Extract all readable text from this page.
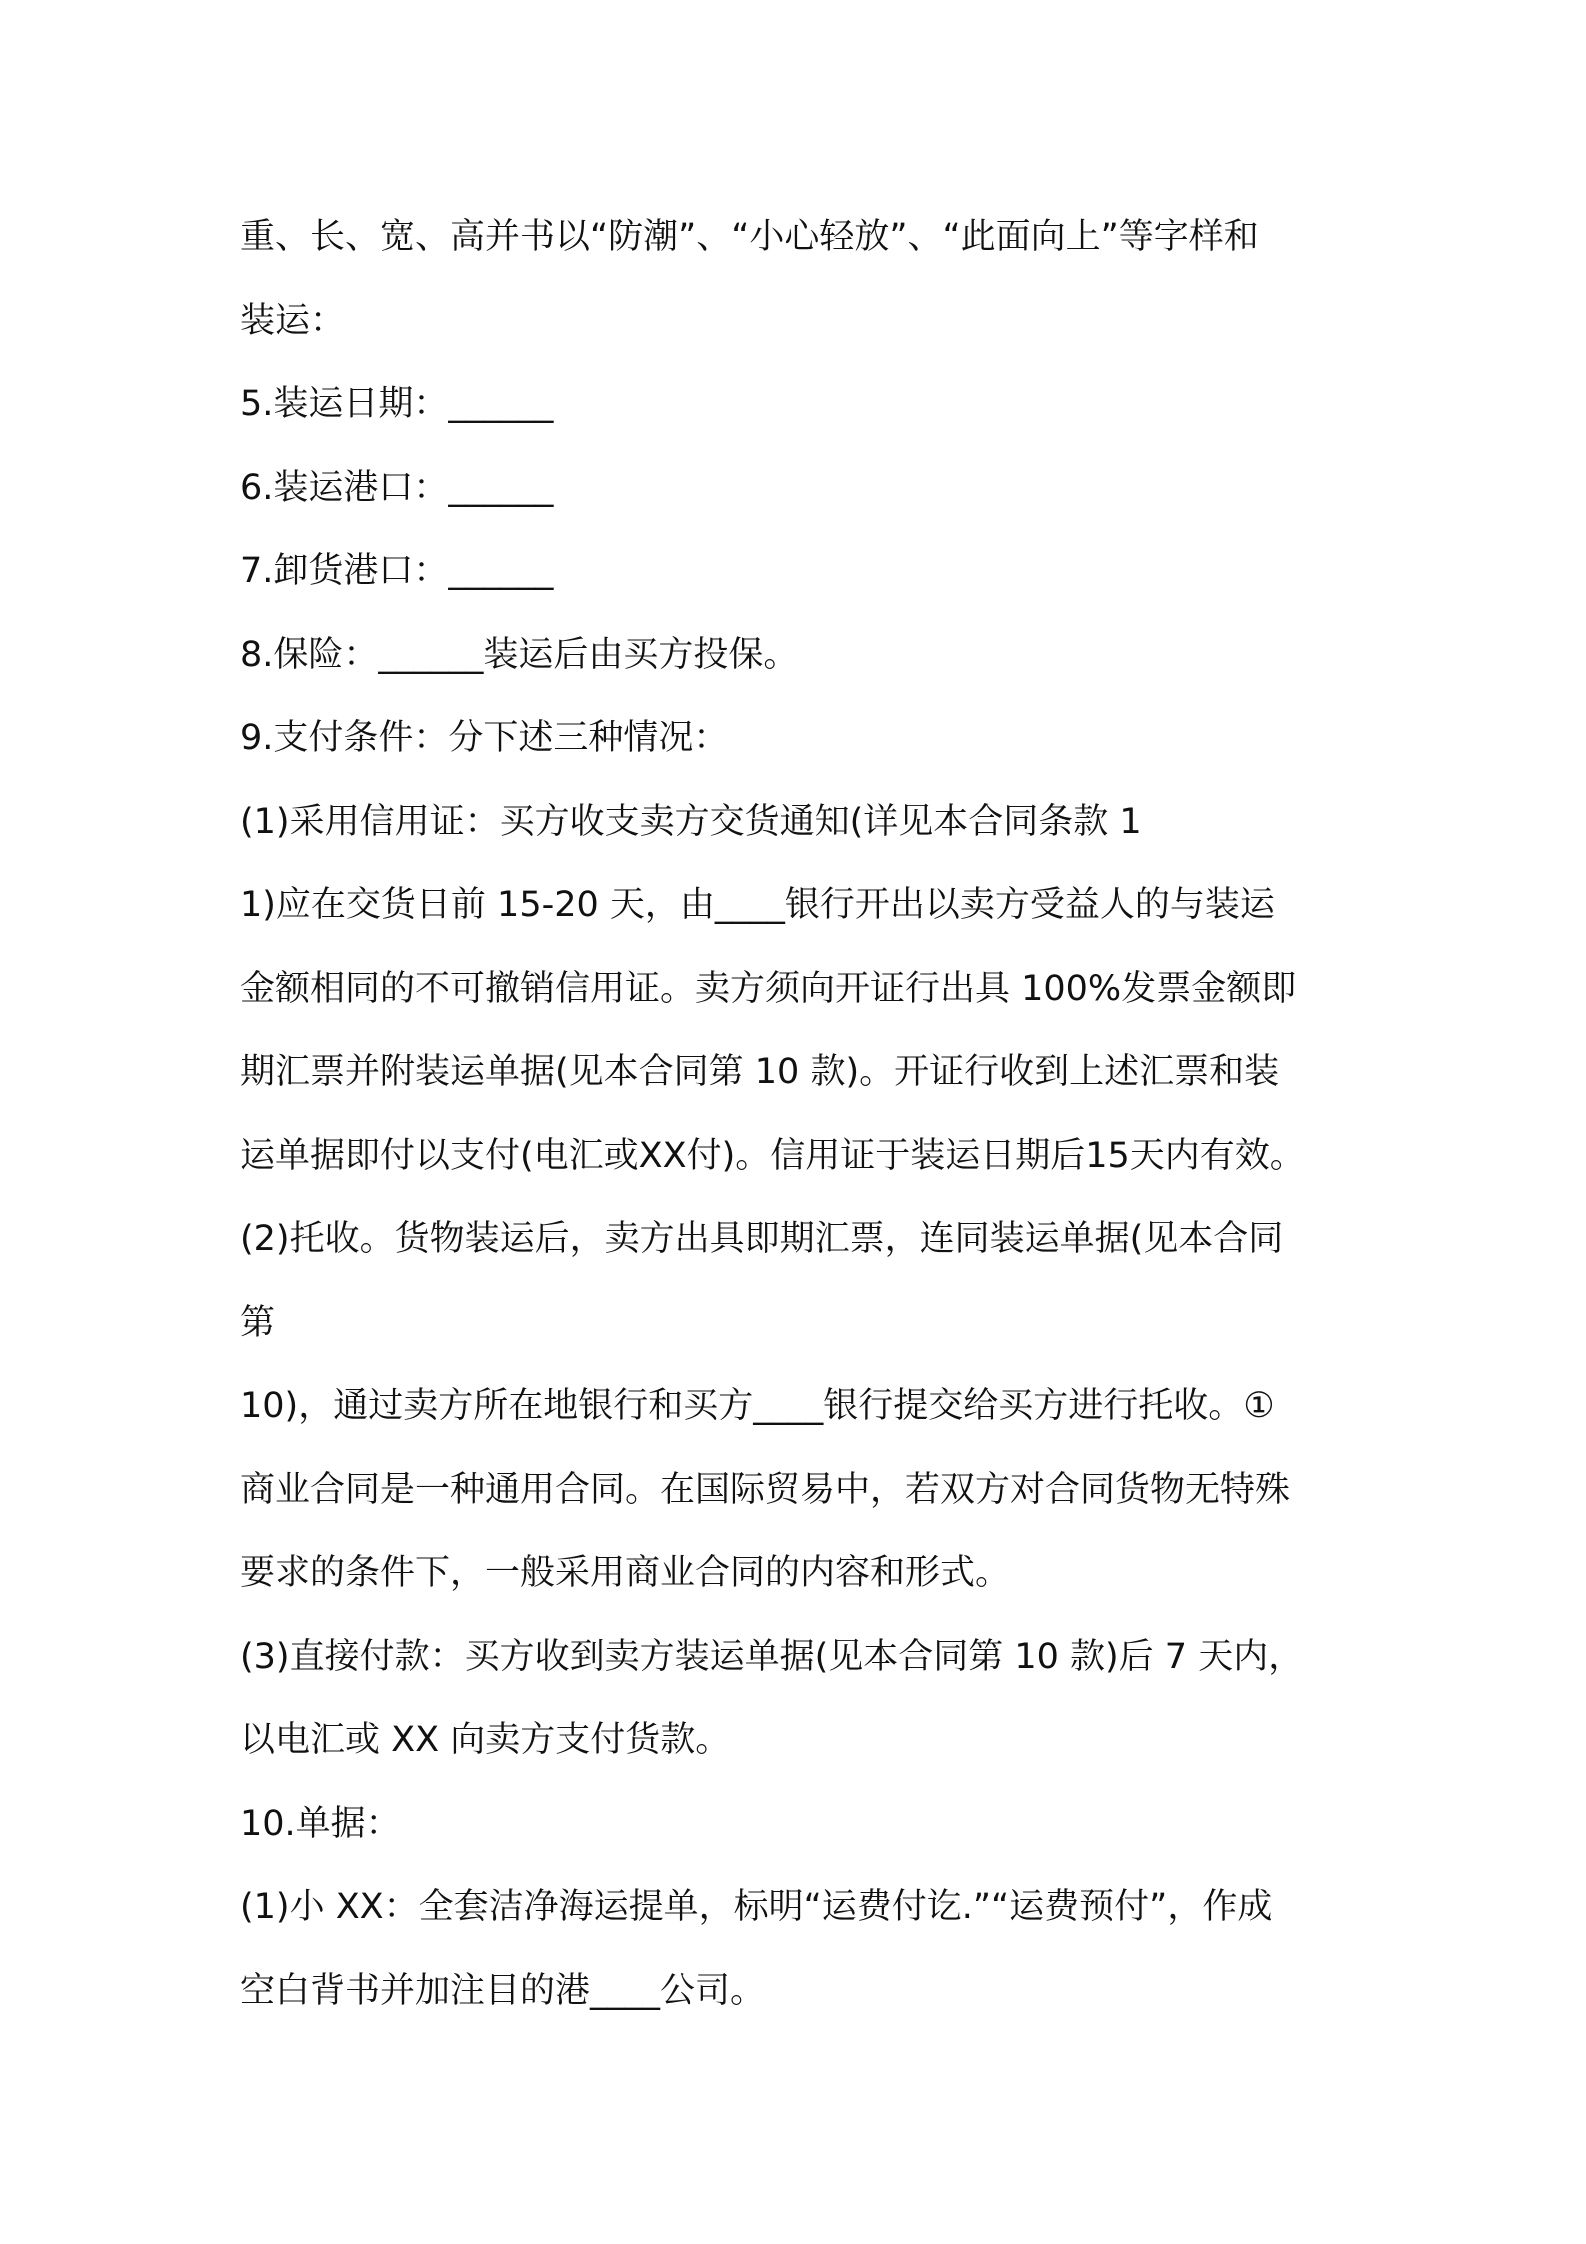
重、长、宽、高并书以“防潮”、“小心轻放”、“此面向上”等字样和
装运：
5.装运日期：______
6.装运港口：______
7.卸货港口：______
8.保险：______装运后由买方投保。
9.支付条件：分下述三种情况：
(1)采用信用证：买方收支卖方交货通知(详见本合同条款 1
1)应在交货日前 15-20 天，由____银行开出以卖方受益人的与装运
金额相同的不可撤销信用证。卖方须向开证行出具 100%发票金额即
期汇票并附装运单据(见本合同第 10 款)。开证行收到上述汇票和装
运单据即付以支付(电汇或XX付)。信用证于装运日期后15天内有效。
(2)托收。货物装运后，卖方出具即期汇票，连同装运单据(见本合同
第
10)，通过卖方所在地银行和买方____银行提交给买方进行托收。①
商业合同是一种通用合同。在国际贸易中，若双方对合同货物无特殊
要求的条件下，一般采用商业合同的内容和形式。
(3)直接付款：买方收到卖方装运单据(见本合同第 10 款)后 7 天内，
以电汇或 XX 向卖方支付货款。
10.单据：
(1)小 XX：全套洁净海运提单，标明“运费付讫.”“运费预付”，作成
空白背书并加注目的港____公司。
